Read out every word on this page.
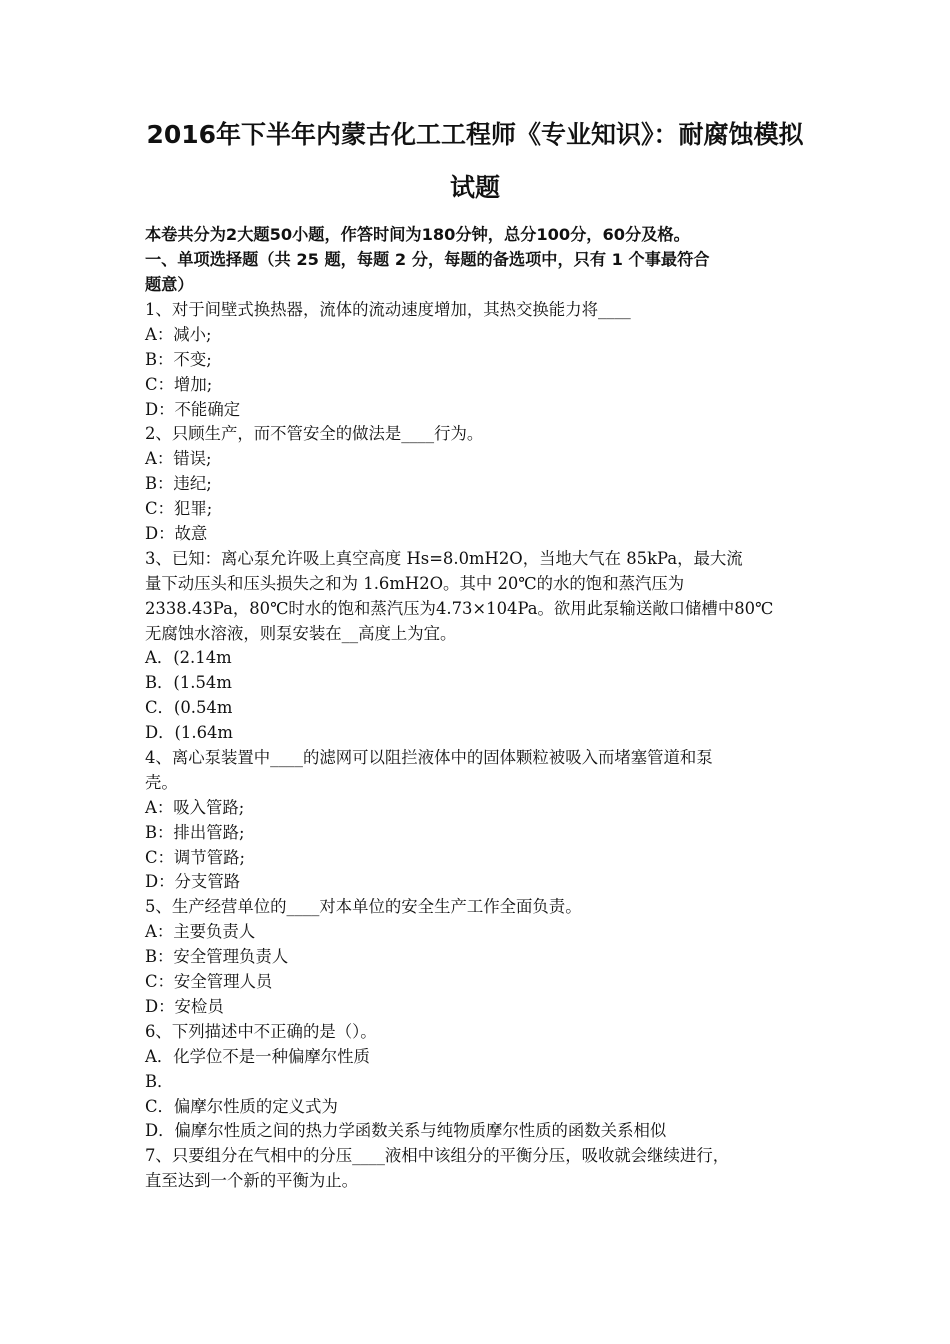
2016年下半年内蒙古化工工程师《专业知识》：耐腐蚀模拟
试题
本卷共分为2大题50小题，作答时间为180分钟，总分100分，60分及格。
一、单项选择题（共 25 题，每题 2 分，每题的备选项中，只有 1 个事最符合
题意）
1、对于间壁式换热器，流体的流动速度增加，其热交换能力将____
A：减小;
B：不变;
C：增加;
D：不能确定
2、只顾生产，而不管安全的做法是____行为。
A：错误;
B：违纪;
C：犯罪;
D：故意
3、已知：离心泵允许吸上真空高度 Hs=8.0mH2O，当地大气在 85kPa，最大流
量下动压头和压头损失之和为 1.6mH2O。其中 20℃的水的饱和蒸汽压为
2338.43Pa，80℃时水的饱和蒸汽压为4.73×104Pa。欲用此泵输送敞口储槽中80℃
无腐蚀水溶液，则泵安装在__高度上为宜。
A．(2.14m
B．(1.54m
C．(0.54m
D．(1.64m
4、离心泵装置中____的滤网可以阻拦液体中的固体颗粒被吸入而堵塞管道和泵
壳。
A：吸入管路;
B：排出管路;
C：调节管路;
D：分支管路
5、生产经营单位的____对本单位的安全生产工作全面负责。
A：主要负责人
B：安全管理负责人
C：安全管理人员
D：安检员
6、下列描述中不正确的是（）。
A．化学位不是一种偏摩尔性质
B．
C．偏摩尔性质的定义式为
D．偏摩尔性质之间的热力学函数关系与纯物质摩尔性质的函数关系相似
7、只要组分在气相中的分压____液相中该组分的平衡分压，吸收就会继续进行，
直至达到一个新的平衡为止。
